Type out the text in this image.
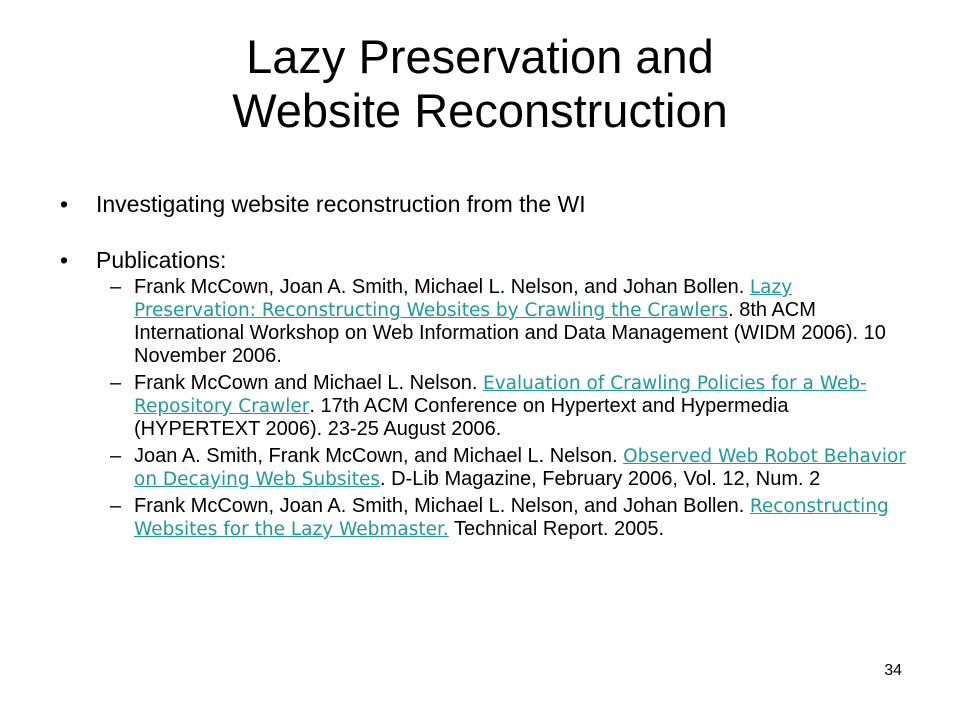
Lazy Preservation and
Website Reconstruction
• Investigating website reconstruction from the WI
• Publications:
– Frank McCown, Joan A. Smith, Michael L. Nelson, and Johan Bollen. Lazy Preservation: Reconstructing Websites by Crawling the Crawlers. 8th ACM International Workshop on Web Information and Data Management (WIDM 2006). 10 November 2006.
– Frank McCown and Michael L. Nelson. Evaluation of Crawling Policies for a Web-Repository Crawler. 17th ACM Conference on Hypertext and Hypermedia (HYPERTEXT 2006). 23-25 August 2006.
– Joan A. Smith, Frank McCown, and Michael L. Nelson. Observed Web Robot Behavior on Decaying Web Subsites. D-Lib Magazine, February 2006, Vol. 12, Num. 2
– Frank McCown, Joan A. Smith, Michael L. Nelson, and Johan Bollen. Reconstructing Websites for the Lazy Webmaster. Technical Report. 2005.
34
